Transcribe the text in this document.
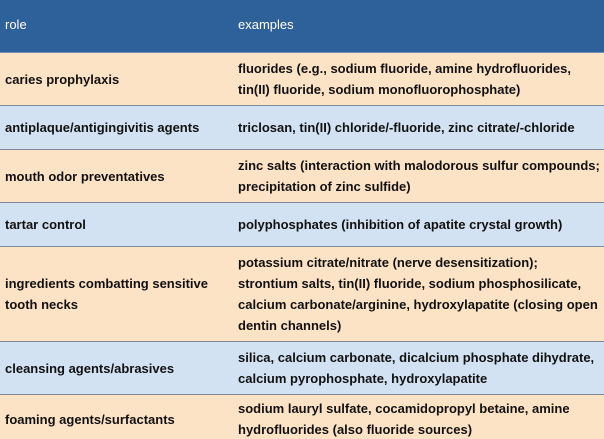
role	examples
caries prophylaxis	fluorides (e.g., sodium fluoride, amine hydrofluorides, tin(II) fluoride, sodium monofluorophosphate)
antiplaque/antigingivitis agents	triclosan, tin(II) chloride/-fluoride, zinc citrate/-chloride
mouth odor preventatives	zinc salts (interaction with malodorous sulfur compounds; precipitation of zinc sulfide)
tartar control	polyphosphates (inhibition of apatite crystal growth)
ingredients combatting sensitive tooth necks	potassium citrate/nitrate (nerve desensitization); strontium salts, tin(II) fluoride, sodium phosphosilicate, calcium carbonate/arginine, hydroxylapatite (closing open dentin channels)
cleansing agents/abrasives	silica, calcium carbonate, dicalcium phosphate dihydrate, calcium pyrophosphate, hydroxylapatite
foaming agents/surfactants	sodium lauryl sulfate, cocamidopropyl betaine, amine hydrofluorides (also fluoride sources)
